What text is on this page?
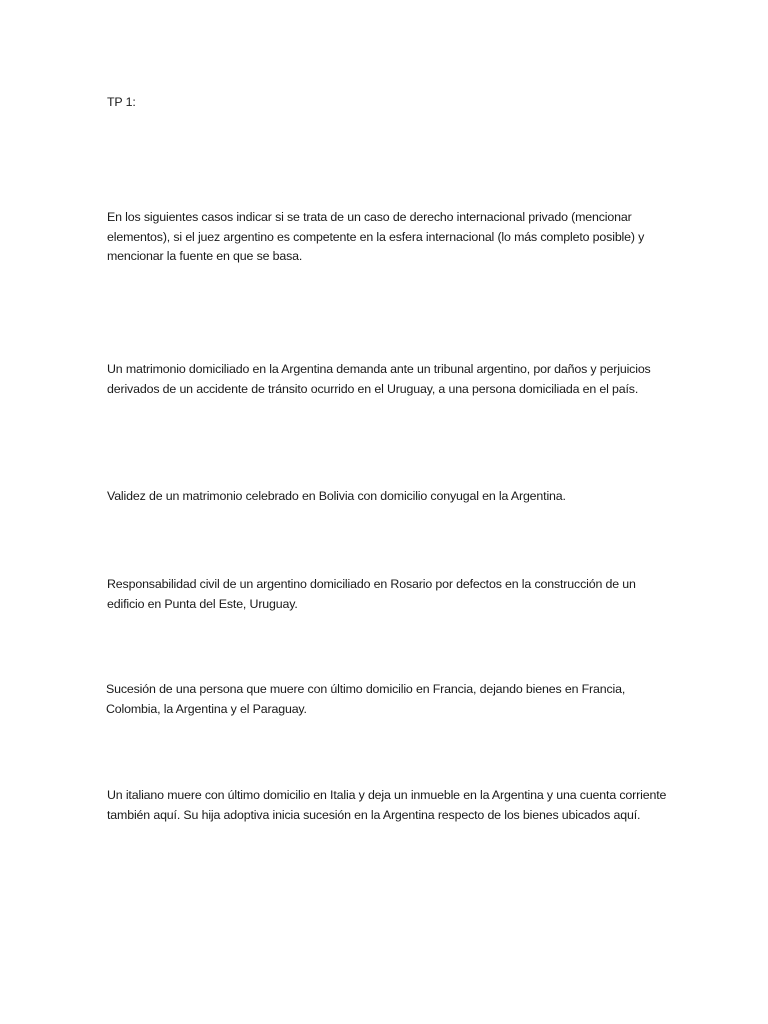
TP 1:

En los siguientes casos indicar si se trata de un caso de derecho internacional privado (mencionar elementos), si el juez argentino es competente en la esfera internacional (lo más completo posible) y mencionar la fuente en que se basa.

Un matrimonio domiciliado en la Argentina demanda ante un tribunal argentino, por daños y perjuicios derivados de un accidente de tránsito ocurrido en el Uruguay, a una persona domiciliada en el país.

Validez de un matrimonio celebrado en Bolivia con domicilio conyugal en la Argentina.

Responsabilidad civil de un argentino domiciliado en Rosario por defectos en la construcción de un edificio en Punta del Este, Uruguay.

Sucesión de una persona que muere con último domicilio en Francia, dejando bienes en Francia, Colombia, la Argentina y el Paraguay.

Un italiano muere con último domicilio en Italia y deja un inmueble en la Argentina y una cuenta corriente también aquí. Su hija adoptiva inicia sucesión en la Argentina respecto de los bienes ubicados aquí.
